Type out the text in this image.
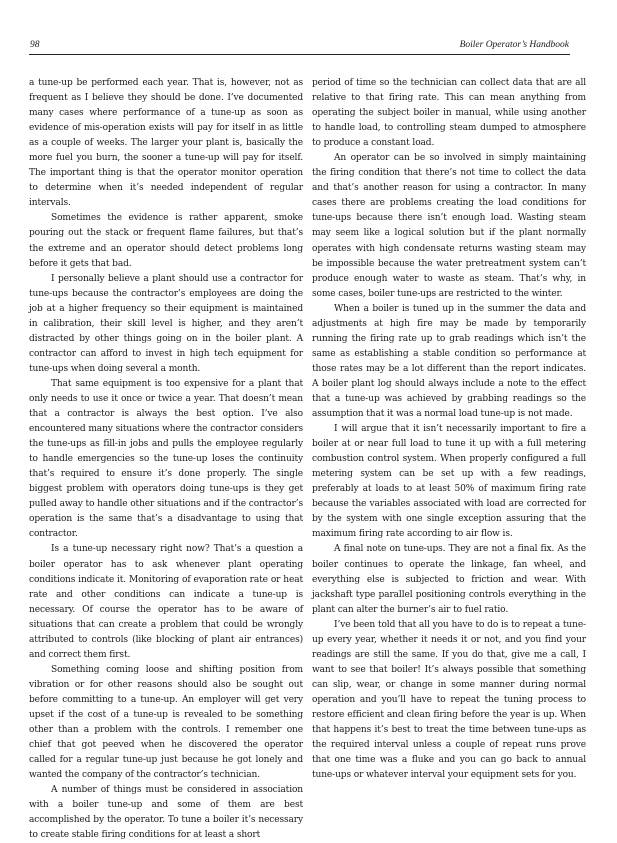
98	Boiler Operator’s Handbook

a tune-up be performed each year. That is, however, not as frequent as I believe they should be done. I’ve documented many cases where performance of a tune-up as soon as evidence of mis-operation exists will pay for itself in as little as a couple of weeks. The larger your plant is, basically the more fuel you burn, the sooner a tune-up will pay for itself. The important thing is that the operator monitor operation to determine when it’s needed independent of regular intervals.

Sometimes the evidence is rather apparent, smoke pouring out the stack or frequent flame failures, but that’s the extreme and an operator should detect problems long before it gets that bad.

I personally believe a plant should use a contractor for tune-ups because the contractor’s employees are doing the job at a higher frequency so their equipment is maintained in calibration, their skill level is higher, and they aren’t distracted by other things going on in the boiler plant. A contractor can afford to invest in high tech equipment for tune-ups when doing several a month.

That same equipment is too expensive for a plant that only needs to use it once or twice a year. That doesn’t mean that a contractor is always the best option. I’ve also encountered many situations where the contractor considers the tune-ups as fill-in jobs and pulls the employee regularly to handle emergencies so the tune-up loses the continuity that’s required to ensure it’s done properly. The single biggest problem with operators doing tune-ups is they get pulled away to handle other situations and if the contractor’s operation is the same that’s a disadvantage to using that contractor.

Is a tune-up necessary right now? That’s a question a boiler operator has to ask whenever plant operating conditions indicate it. Monitoring of evaporation rate or heat rate and other conditions can indicate a tune-up is necessary. Of course the operator has to be aware of situations that can create a problem that could be wrongly attributed to controls (like blocking of plant air entrances) and correct them first.

Something coming loose and shifting position from vibration or for other reasons should also be sought out before committing to a tune-up. An employer will get very upset if the cost of a tune-up is revealed to be something other than a problem with the controls. I remember one chief that got peeved when he discovered the operator called for a regular tune-up just because he got lonely and wanted the company of the contractor’s technician.

A number of things must be considered in association with a boiler tune-up and some of them are best accomplished by the operator. To tune a boiler it’s necessary to create stable firing conditions for at least a short

period of time so the technician can collect data that are all relative to that firing rate. This can mean anything from operating the subject boiler in manual, while using another to handle load, to controlling steam dumped to atmosphere to produce a constant load.

An operator can be so involved in simply maintaining the firing condition that there’s not time to collect the data and that’s another reason for using a contractor. In many cases there are problems creating the load conditions for tune-ups because there isn’t enough load. Wasting steam may seem like a logical solution but if the plant normally operates with high condensate returns wasting steam may be impossible because the water pretreatment system can’t produce enough water to waste as steam. That’s why, in some cases, boiler tune-ups are restricted to the winter.

When a boiler is tuned up in the summer the data and adjustments at high fire may be made by temporarily running the firing rate up to grab readings which isn’t the same as establishing a stable condition so performance at those rates may be a lot different than the report indicates. A boiler plant log should always include a note to the effect that a tune-up was achieved by grabbing readings so the assumption that it was a normal load tune-up is not made.

I will argue that it isn’t necessarily important to fire a boiler at or near full load to tune it up with a full metering combustion control system. When properly configured a full metering system can be set up with a few readings, preferably at loads to at least 50% of maximum firing rate because the variables associated with load are corrected for by the system with one single exception assuring that the maximum firing rate according to air flow is.

A final note on tune-ups. They are not a final fix. As the boiler continues to operate the linkage, fan wheel, and everything else is subjected to friction and wear. With jackshaft type parallel positioning controls everything in the plant can alter the burner’s air to fuel ratio.

I’ve been told that all you have to do is to repeat a tune-up every year, whether it needs it or not, and you find your readings are still the same. If you do that, give me a call, I want to see that boiler! It’s always possible that something can slip, wear, or change in some manner during normal operation and you’ll have to repeat the tuning process to restore efficient and clean firing before the year is up. When that happens it’s best to treat the time between tune-ups as the required interval unless a couple of repeat runs prove that one time was a fluke and you can go back to annual tune-ups or whatever interval your equipment sets for you.
